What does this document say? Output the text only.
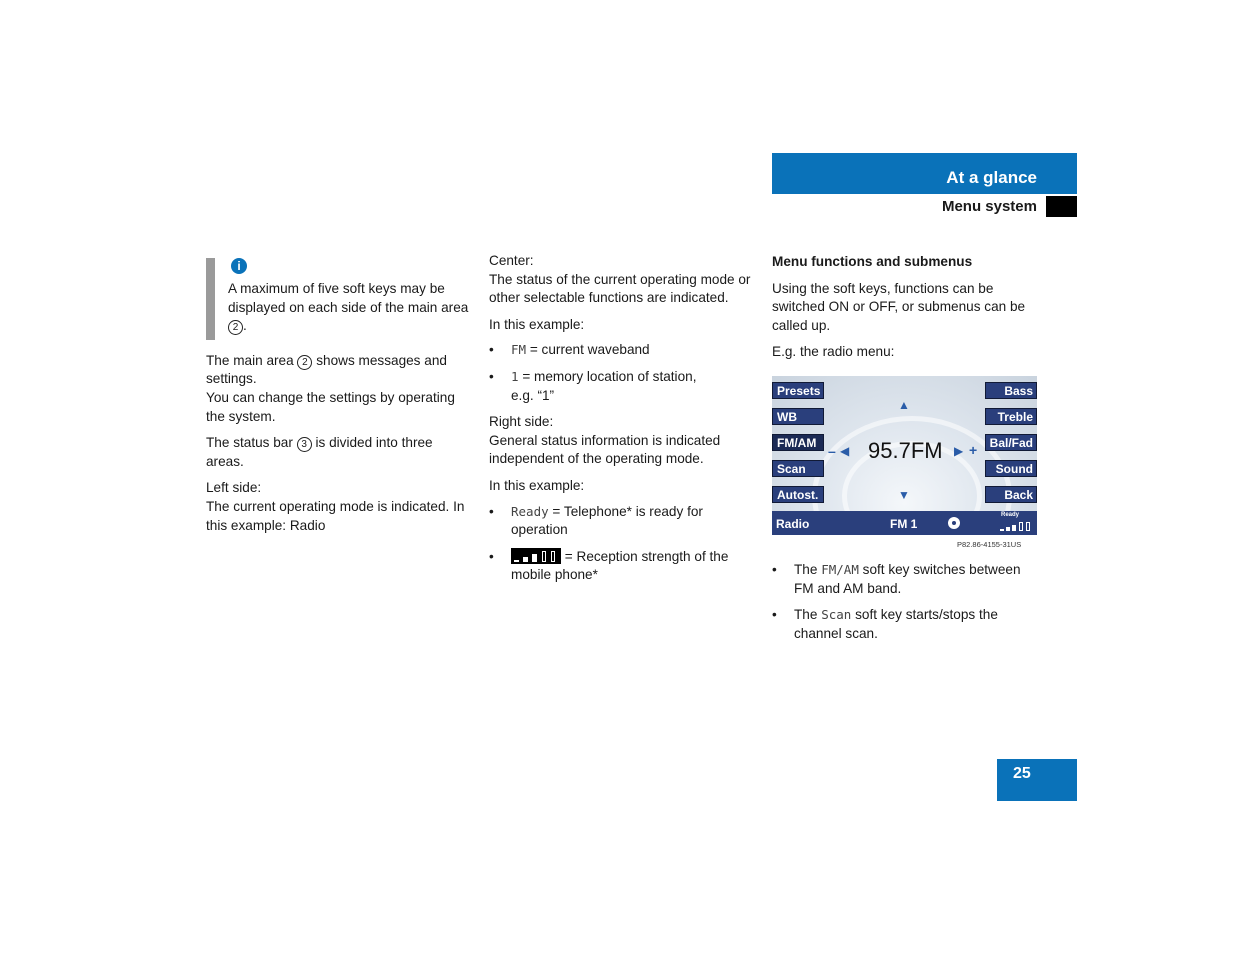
At a glance
Menu system
i

A maximum of five soft keys may be displayed on each side of the main area 2 .

The main area 2 shows messages and settings.
You can change the settings by operating the system.

The status bar 3 is divided into three areas.

Left side:
The current operating mode is indicated. In this example: Radio

Center:
The status of the current operating mode or other selectable functions are indicated.

In this example:

• FM = current waveband
• 1 = memory location of station,
e.g. “1”

Right side:
General status information is indicated independent of the operating mode.

In this example:

• Ready = Telephone* is ready for operation
• = Reception strength of the mobile phone*

Menu functions and submenus

Using the soft keys, functions can be switched ON or OFF, or submenus can be called up.

E.g. the radio menu:

Presets
WB
FM/AM
Scan
Autost.
Bass
Treble
Bal/Fad
Sound
Back
▲
▼
– ◀ 95.7FM ▶ +
Radio	FM 1
Ready
P82.86-4155-31US
• The FM/AM soft key switches between FM and AM band.
• The Scan soft key starts/stops the channel scan.
25
